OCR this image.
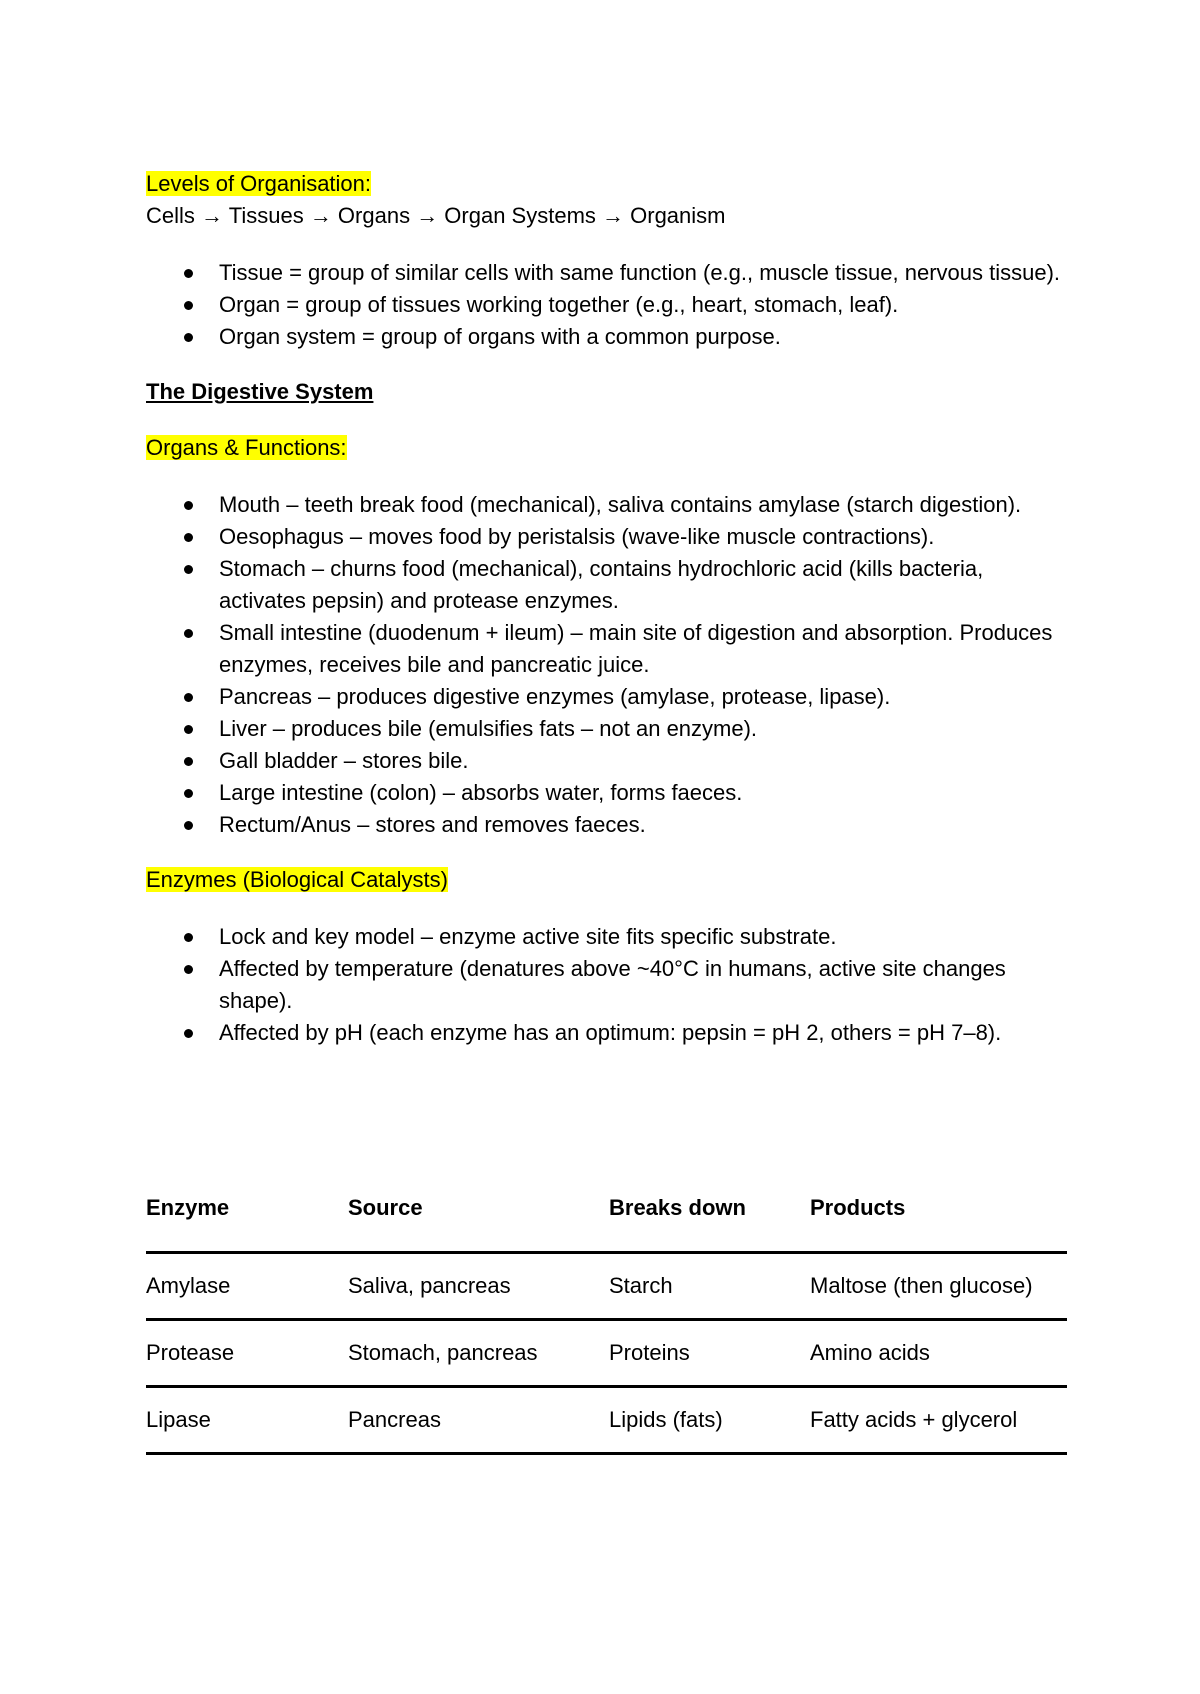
Levels of Organisation:

Cells → Tissues → Organs → Organ Systems → Organism

Tissue = group of similar cells with same function (e.g., muscle tissue, nervous tissue).
Organ = group of tissues working together (e.g., heart, stomach, leaf).
Organ system = group of organs with a common purpose.

The Digestive System

Organs & Functions:

Mouth – teeth break food (mechanical), saliva contains amylase (starch digestion).
Oesophagus – moves food by peristalsis (wave-like muscle contractions).
Stomach – churns food (mechanical), contains hydrochloric acid (kills bacteria, activates pepsin) and protease enzymes.
Small intestine (duodenum + ileum) – main site of digestion and absorption. Produces enzymes, receives bile and pancreatic juice.
Pancreas – produces digestive enzymes (amylase, protease, lipase).
Liver – produces bile (emulsifies fats – not an enzyme).
Gall bladder – stores bile.
Large intestine (colon) – absorbs water, forms faeces.
Rectum/Anus – stores and removes faeces.

Enzymes (Biological Catalysts)

Lock and key model – enzyme active site fits specific substrate.
Affected by temperature (denatures above ~40°C in humans, active site changes shape).
Affected by pH (each enzyme has an optimum: pepsin = pH 2, others = pH 7–8).
Enzyme	Source	Breaks down	Products
Amylase	Saliva, pancreas	Starch	Maltose (then glucose)
Protease	Stomach, pancreas	Proteins	Amino acids
Lipase	Pancreas	Lipids (fats)	Fatty acids + glycerol
